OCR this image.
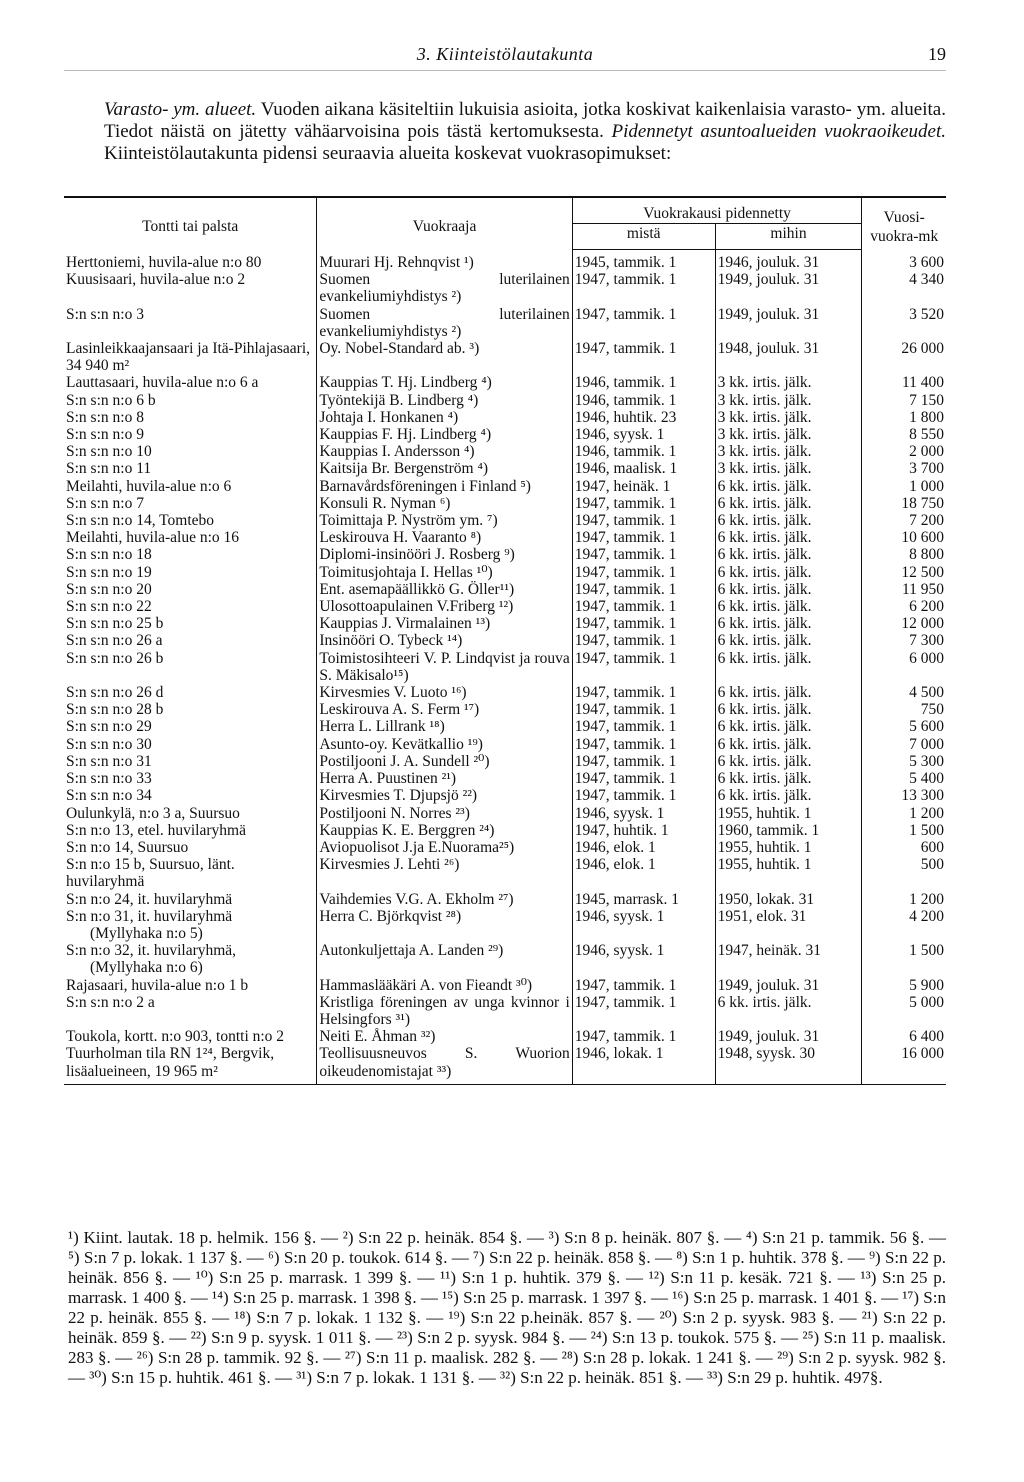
3. Kiinteistölautakunta	19

Varasto- ym. alueet. Vuoden aikana käsiteltiin lukuisia asioita, jotka koskivat kaikenlaisia varasto- ym. alueita. Tiedot näistä on jätetty vähäarvoisina pois tästä kertomuksesta. Pidennetyt asuntoalueiden vuokraoikeudet. Kiinteistölautakunta pidensi seuraavia alueita koskevat vuokrasopimukset:

Tontti tai palsta	Vuokraaja	Vuokrakausi pidennetty		Vuosi-vuokra-mk
		mistä	mihin	
Herttoniemi, huvila-alue n:o 80	Muurari Hj. Rehnqvist ¹)	1945, tammik. 1	1946, jouluk. 31	3 600
Kuusisaari, huvila-alue n:o 2	Suomen luterilainen evankeliumiyhdistys ²)	1947, tammik. 1	1949, jouluk. 31	4 340
S:n s:n n:o 3	Suomen luterilainen evankeliumiyhdistys ²)	1947, tammik. 1	1949, jouluk. 31	3 520
Lasinleikkaajansaari ja Itä-Pihlajasaari, 34 940 m²	Oy. Nobel-Standard ab. ³)	1947, tammik. 1	1948, jouluk. 31	26 000
Lauttasaari, huvila-alue n:o 6 a	Kauppias T. Hj. Lindberg ⁴)	1946, tammik. 1	3 kk. irtis. jälk.	11 400
S:n s:n n:o 6 b	Työntekijä B. Lindberg ⁴)	1946, tammik. 1	3 kk. irtis. jälk.	7 150
S:n s:n n:o 8	Johtaja I. Honkanen ⁴)	1946, huhtik. 23	3 kk. irtis. jälk.	1 800
S:n s:n n:o 9	Kauppias F. Hj. Lindberg ⁴)	1946, syysk. 1	3 kk. irtis. jälk.	8 550
S:n s:n n:o 10	Kauppias I. Andersson ⁴)	1946, tammik. 1	3 kk. irtis. jälk.	2 000
S:n s:n n:o 11	Kaitsija Br. Bergenström ⁴)	1946, maalisk. 1	3 kk. irtis. jälk.	3 700
Meilahti, huvila-alue n:o 6	Barnavårdsföreningen i Finland ⁵)	1947, heinäk. 1	6 kk. irtis. jälk.	1 000
S:n s:n n:o 7	Konsuli R. Nyman ⁶)	1947, tammik. 1	6 kk. irtis. jälk.	18 750
S:n s:n n:o 14, Tomtebo	Toimittaja P. Nyström ym. ⁷)	1947, tammik. 1	6 kk. irtis. jälk.	7 200
Meilahti, huvila-alue n:o 16	Leskirouva H. Vaaranto ⁸)	1947, tammik. 1	6 kk. irtis. jälk.	10 600
S:n s:n n:o 18	Diplomi-insinööri J. Rosberg ⁹)	1947, tammik. 1	6 kk. irtis. jälk.	8 800
S:n s:n n:o 19	Toimitusjohtaja I. Hellas ¹⁰)	1947, tammik. 1	6 kk. irtis. jälk.	12 500
S:n s:n n:o 20	Ent. asemapäällikkö G. Öller¹¹)	1947, tammik. 1	6 kk. irtis. jälk.	11 950
S:n s:n n:o 22	Ulosottoapulainen V.Friberg ¹²)	1947, tammik. 1	6 kk. irtis. jälk.	6 200
S:n s:n n:o 25 b	Kauppias J. Virmalainen ¹³)	1947, tammik. 1	6 kk. irtis. jälk.	12 000
S:n s:n n:o 26 a	Insinööri O. Tybeck ¹⁴)	1947, tammik. 1	6 kk. irtis. jälk.	7 300
S:n s:n n:o 26 b	Toimistosihteeri V. P. Lindqvist ja rouva S. Mäkisalo¹⁵)	1947, tammik. 1	6 kk. irtis. jälk.	6 000
S:n s:n n:o 26 d	Kirvesmies V. Luoto ¹⁶)	1947, tammik. 1	6 kk. irtis. jälk.	4 500
S:n s:n n:o 28 b	Leskirouva A. S. Ferm ¹⁷)	1947, tammik. 1	6 kk. irtis. jälk.	750
S:n s:n n:o 29	Herra L. Lillrank ¹⁸)	1947, tammik. 1	6 kk. irtis. jälk.	5 600
S:n s:n n:o 30	Asunto-oy. Kevätkallio ¹⁹)	1947, tammik. 1	6 kk. irtis. jälk.	7 000
S:n s:n n:o 31	Postiljooni J. A. Sundell ²⁰)	1947, tammik. 1	6 kk. irtis. jälk.	5 300
S:n s:n n:o 33	Herra A. Puustinen ²¹)	1947, tammik. 1	6 kk. irtis. jälk.	5 400
S:n s:n n:o 34	Kirvesmies T. Djupsjö ²²)	1947, tammik. 1	6 kk. irtis. jälk.	13 300
Oulunkylä, n:o 3 a, Suursuo	Postiljooni N. Norres ²³)	1946, syysk. 1	1955, huhtik. 1	1 200
S:n n:o 13, etel. huvilaryhmä	Kauppias K. E. Berggren ²⁴)	1947, huhtik. 1	1960, tammik. 1	1 500
S:n n:o 14, Suursuo	Aviopuolisot J.ja E.Nuorama²⁵)	1946, elok. 1	1955, huhtik. 1	600
S:n n:o 15 b, Suursuo, länt. huvilaryhmä	Kirvesmies J. Lehti ²⁶)	1946, elok. 1	1955, huhtik. 1	500
S:n n:o 24, it. huvilaryhmä	Vaihdemies V.G. A. Ekholm ²⁷)	1945, marrask. 1	1950, lokak. 31	1 200
S:n n:o 31, it. huvilaryhmä
(Myllyhaka n:o 5)	Herra C. Björkqvist ²⁸)	1946, syysk. 1	1951, elok. 31	4 200
S:n n:o 32, it. huvilaryhmä,
(Myllyhaka n:o 6)	Autonkuljettaja A. Landen ²⁹)	1946, syysk. 1	1947, heinäk. 31	1 500
Rajasaari, huvila-alue n:o 1 b	Hammaslääkäri A. von Fieandt ³⁰)	1947, tammik. 1	1949, jouluk. 31	5 900
S:n s:n n:o 2 a	Kristliga föreningen av unga kvinnor i Helsingfors ³¹)	1947, tammik. 1	6 kk. irtis. jälk.	5 000
Toukola, kortt. n:o 903, tontti n:o 2	Neiti E. Åhman ³²)	1947, tammik. 1	1949, jouluk. 31	6 400
Tuurholman tila RN 1²⁴, Bergvik, lisäalueineen, 19 965 m²	Teollisuusneuvos S. Wuorion oikeudenomistajat ³³)	1946, lokak. 1	1948, syysk. 30	16 000

¹) Kiint. lautak. 18 p. helmik. 156 §. — ²) S:n 22 p. heinäk. 854 §. — ³) S:n 8 p. heinäk. 807 §. — ⁴) S:n 21 p. tammik. 56 §. — ⁵) S:n 7 p. lokak. 1 137 §. — ⁶) S:n 20 p. toukok. 614 §. — ⁷) S:n 22 p. heinäk. 858 §. — ⁸) S:n 1 p. huhtik. 378 §. — ⁹) S:n 22 p. heinäk. 856 §. — ¹⁰) S:n 25 p. marrask. 1 399 §. — ¹¹) S:n 1 p. huhtik. 379 §. — ¹²) S:n 11 p. kesäk. 721 §. — ¹³) S:n 25 p. marrask. 1 400 §. — ¹⁴) S:n 25 p. marrask. 1 398 §. — ¹⁵) S:n 25 p. marrask. 1 397 §. — ¹⁶) S:n 25 p. marrask. 1 401 §. — ¹⁷) S:n 22 p. heinäk. 855 §. — ¹⁸) S:n 7 p. lokak. 1 132 §. — ¹⁹) S:n 22 p.heinäk. 857 §. — ²⁰) S:n 2 p. syysk. 983 §. — ²¹) S:n 22 p. heinäk. 859 §. — ²²) S:n 9 p. syysk. 1 011 §. — ²³) S:n 2 p. syysk. 984 §. — ²⁴) S:n 13 p. toukok. 575 §. — ²⁵) S:n 11 p. maalisk. 283 §. — ²⁶) S:n 28 p. tammik. 92 §. — ²⁷) S:n 11 p. maalisk. 282 §. — ²⁸) S:n 28 p. lokak. 1 241 §. — ²⁹) S:n 2 p. syysk. 982 §. — ³⁰) S:n 15 p. huhtik. 461 §. — ³¹) S:n 7 p. lokak. 1 131 §. — ³²) S:n 22 p. heinäk. 851 §. — ³³) S:n 29 p. huhtik. 497§.
